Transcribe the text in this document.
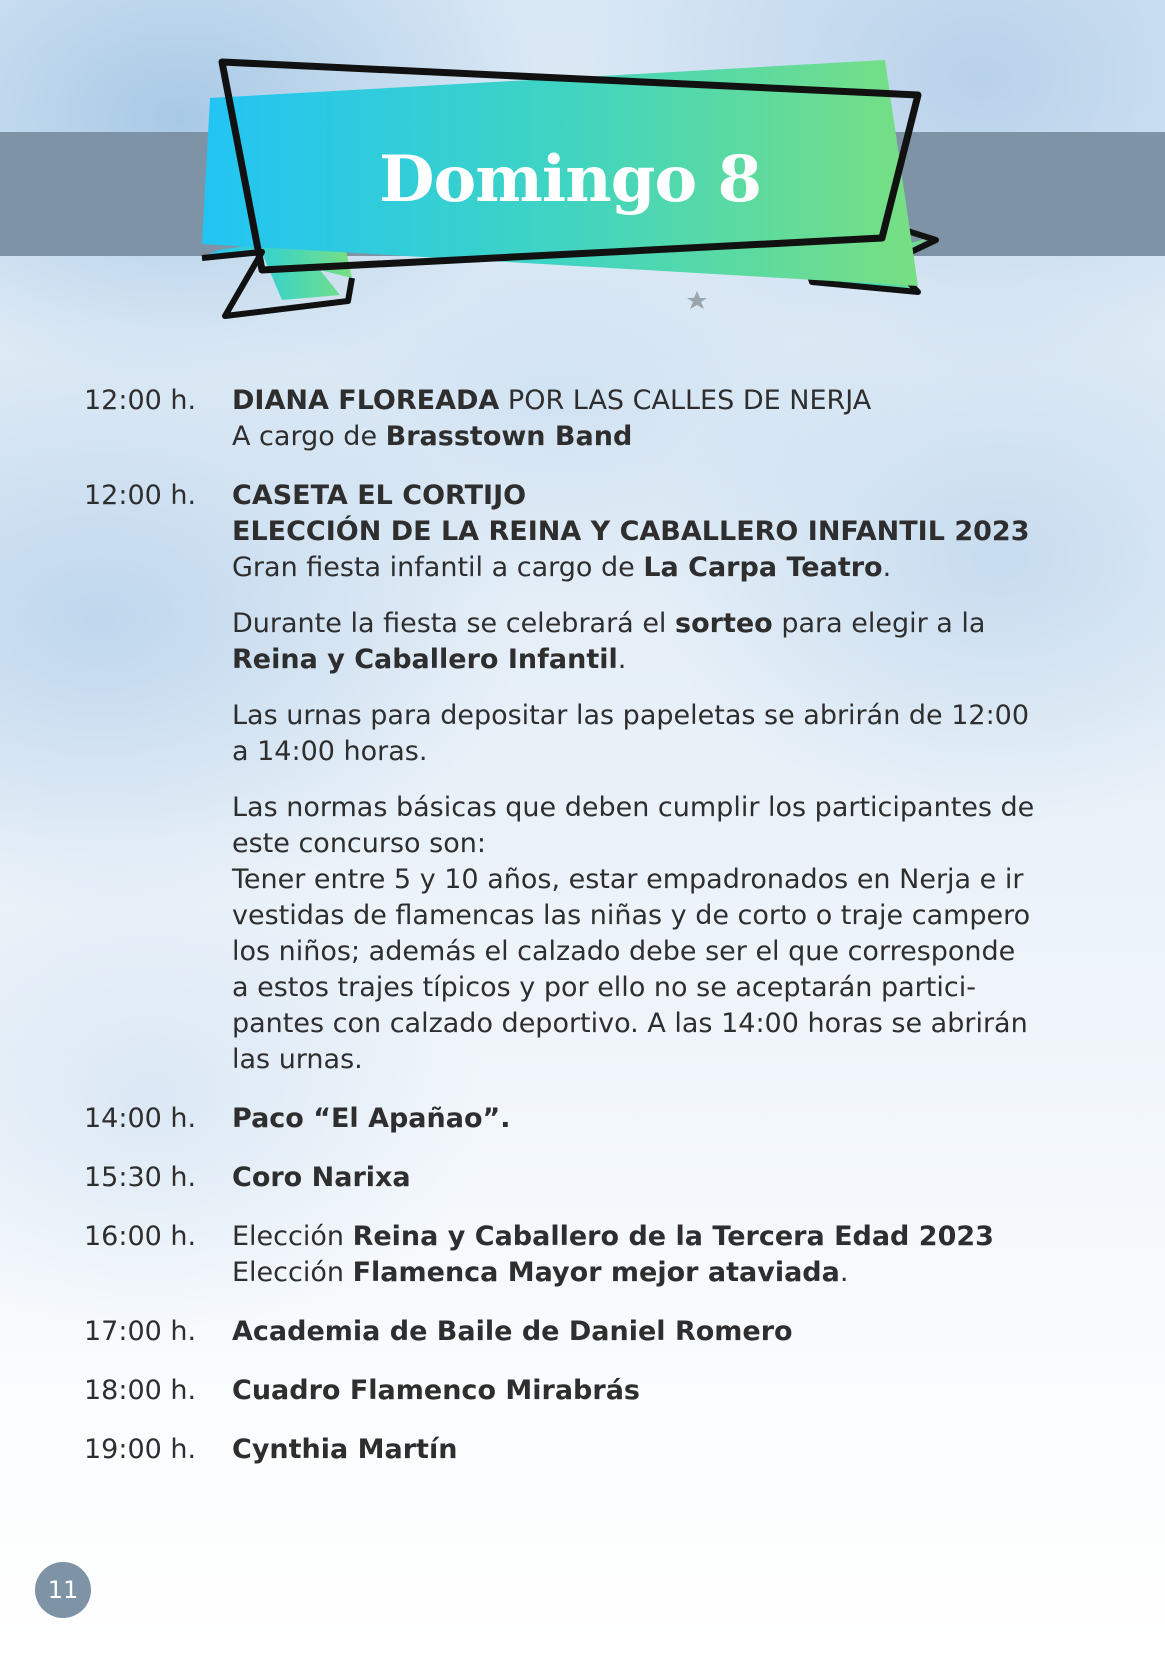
Domingo 8
12:00 h.	DIANA FLOREADA POR LAS CALLES DE NERJA
A cargo de Brasstown Band

12:00 h.	CASETA EL CORTIJO
ELECCIÓN DE LA REINA Y CABALLERO INFANTIL 2023
Gran fiesta infantil a cargo de La Carpa Teatro.

Durante la fiesta se celebrará el sorteo para elegir a la
Reina y Caballero Infantil.

Las urnas para depositar las papeletas se abrirán de 12:00
a 14:00 horas.

Las normas básicas que deben cumplir los participantes de
este concurso son:
Tener entre 5 y 10 años, estar empadronados en Nerja e ir
vestidas de flamencas las niñas y de corto o traje campero
los niños; además el calzado debe ser el que corresponde
a estos trajes típicos y por ello no se aceptarán partici-
pantes con calzado deportivo. A las 14:00 horas se abrirán
las urnas.

14:00 h.	Paco “El Apañao”.

15:30 h.	Coro Narixa

16:00 h.	Elección Reina y Caballero de la Tercera Edad 2023
Elección Flamenca Mayor mejor ataviada.

17:00 h.	Academia de Baile de Daniel Romero

18:00 h.	Cuadro Flamenco Mirabrás

19:00 h.	Cynthia Martín

11
